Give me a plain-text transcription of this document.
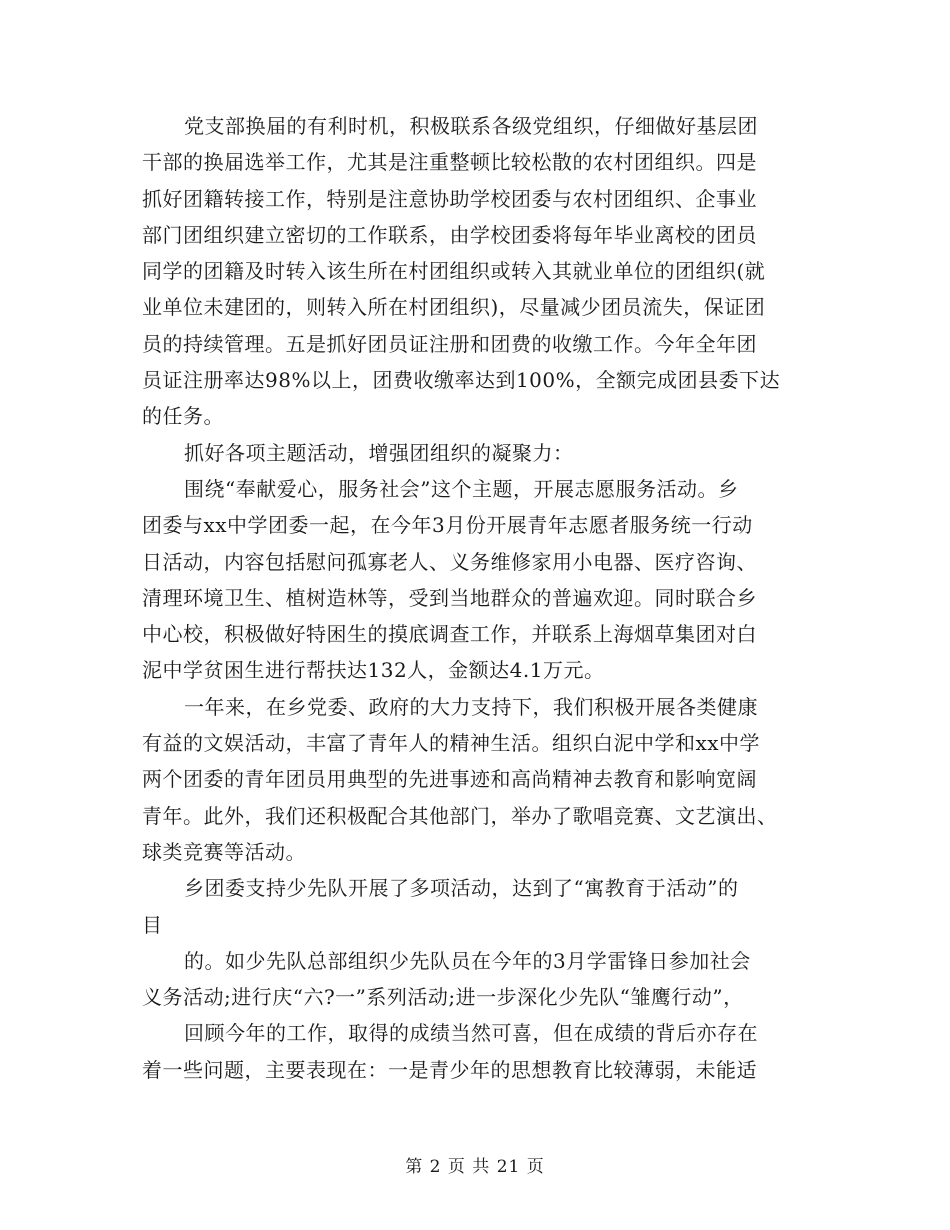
党支部换届的有利时机，积极联系各级党组织，仔细做好基层团
干部的换届选举工作，尤其是注重整顿比较松散的农村团组织。四是
抓好团籍转接工作，特别是注意协助学校团委与农村团组织、企事业
部门团组织建立密切的工作联系，由学校团委将每年毕业离校的团员
同学的团籍及时转入该生所在村团组织或转入其就业单位的团组织(就
业单位未建团的，则转入所在村团组织)，尽量减少团员流失，保证团
员的持续管理。五是抓好团员证注册和团费的收缴工作。今年全年团
员证注册率达98%以上，团费收缴率达到100%，全额完成团县委下达
的任务。
抓好各项主题活动，增强团组织的凝聚力：
围绕“奉献爱心，服务社会”这个主题，开展志愿服务活动。乡
团委与xx中学团委一起，在今年3月份开展青年志愿者服务统一行动
日活动，内容包括慰问孤寡老人、义务维修家用小电器、医疗咨询、
清理环境卫生、植树造林等，受到当地群众的普遍欢迎。同时联合乡
中心校，积极做好特困生的摸底调查工作，并联系上海烟草集团对白
泥中学贫困生进行帮扶达132人，金额达4.1万元。
一年来，在乡党委、政府的大力支持下，我们积极开展各类健康
有益的文娱活动，丰富了青年人的精神生活。组织白泥中学和xx中学
两个团委的青年团员用典型的先进事迹和高尚精神去教育和影响宽阔
青年。此外，我们还积极配合其他部门，举办了歌唱竞赛、文艺演出、
球类竞赛等活动。
乡团委支持少先队开展了多项活动，达到了“寓教育于活动”的
目
的。如少先队总部组织少先队员在今年的3月学雷锋日参加社会
义务活动;进行庆“六?一”系列活动;进一步深化少先队“雏鹰行动”，
回顾今年的工作，取得的成绩当然可喜，但在成绩的背后亦存在
着一些问题，主要表现在：一是青少年的思想教育比较薄弱，未能适
第 2 页 共 21 页
